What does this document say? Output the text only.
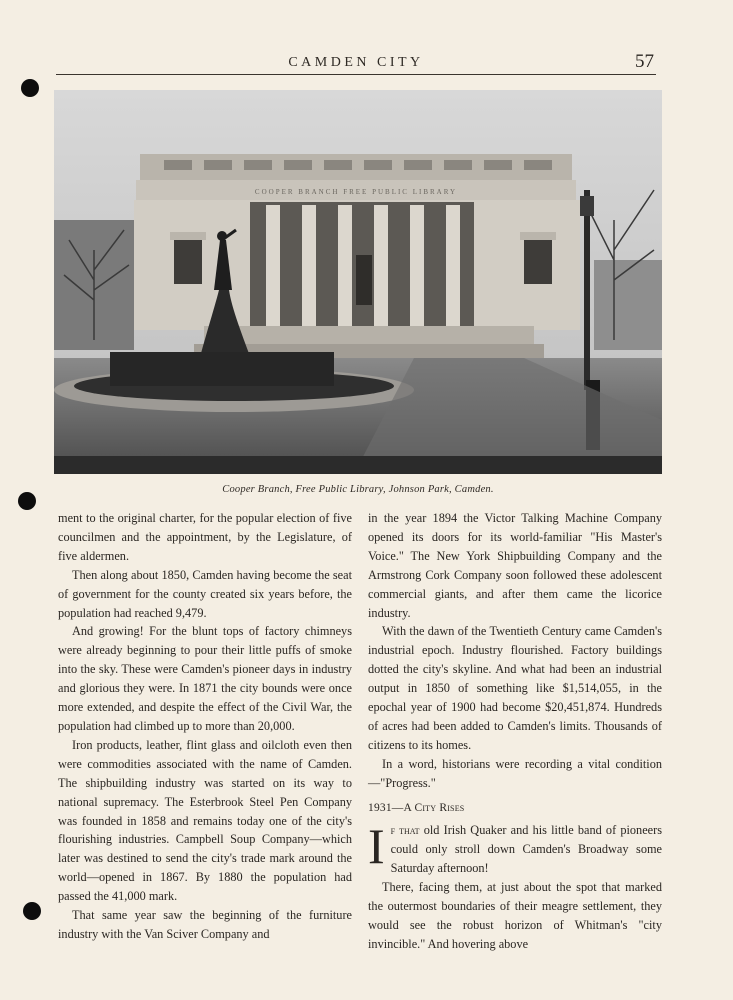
CAMDEN CITY	57
COOPER BRANCH FREE PUBLIC LIBRARY
Cooper Branch, Free Public Library, Johnson Park, Camden.

ment to the original charter, for the popular election of five councilmen and the appointment, by the Legislature, of five aldermen.

Then along about 1850, Camden having become the seat of government for the county created six years before, the population had reached 9,479.

And growing! For the blunt tops of factory chimneys were already beginning to pour their little puffs of smoke into the sky. These were Camden's pioneer days in industry and glorious they were. In 1871 the city bounds were once more extended, and despite the effect of the Civil War, the population had climbed up to more than 20,000.

Iron products, leather, flint glass and oilcloth even then were commodities associated with the name of Camden. The shipbuilding industry was started on its way to national supremacy. The Esterbrook Steel Pen Company was founded in 1858 and remains today one of the city's flourishing industries. Campbell Soup Company—which later was destined to send the city's trade mark around the world—opened in 1867. By 1880 the population had passed the 41,000 mark.

That same year saw the beginning of the furniture industry with the Van Sciver Company and

in the year 1894 the Victor Talking Machine Company opened its doors for its world-familiar "His Master's Voice." The New York Shipbuilding Company and the Armstrong Cork Company soon followed these adolescent commercial giants, and after them came the licorice industry.

With the dawn of the Twentieth Century came Camden's industrial epoch. Industry flourished. Factory buildings dotted the city's skyline. And what had been an industrial output in 1850 of something like $1,514,055, in the epochal year of 1900 had become $20,451,874. Hundreds of acres had been added to Camden's limits. Thousands of citizens to its homes.

In a word, historians were recording a vital condition—"Progress."

1931—A City Rises

If that old Irish Quaker and his little band of pioneers could only stroll down Camden's Broadway some Saturday afternoon!

There, facing them, at just about the spot that marked the outermost boundaries of their meagre settlement, they would see the robust horizon of Whitman's "city invincible." And hovering above
